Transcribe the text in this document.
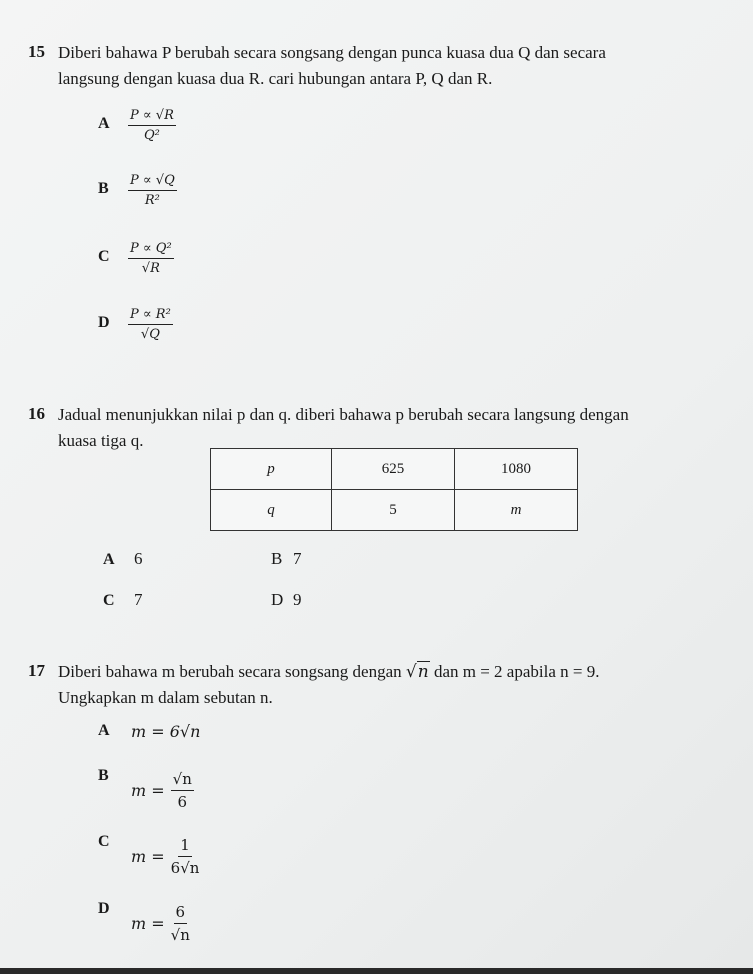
15 Diberi bahawa P berubah secara songsang dengan punca kuasa dua Q dan secara
langsung dengan kuasa dua R. cari hubungan antara P, Q dan R.
A $\frac{P \propto √R}{\text{Q²}}$
B $\frac{P \propto √Q}{\text{R²}}$
C $\frac{\text{P ∝ Q²}}{√R}$
D $\frac{\text{P ∝ R²}}{√Q}$
16 Jadual menunjukkan nilai p dan q. diberi bahawa p berubah secara langsung dengan
kuasa tiga q.
p	625	1080
q	5	m
A 6	B 7
C 7	D 9
17 Diberi bahawa m berubah secara songsang dengan √n dan m = 2 apabila n = 9.
Ungkapkan m dalam sebutan n.
A m = 6√n
B
$m = \frac{√n}{6}$
C
$m = \frac{1}{6√n}$
D
$m = \frac{6}{√n}$
